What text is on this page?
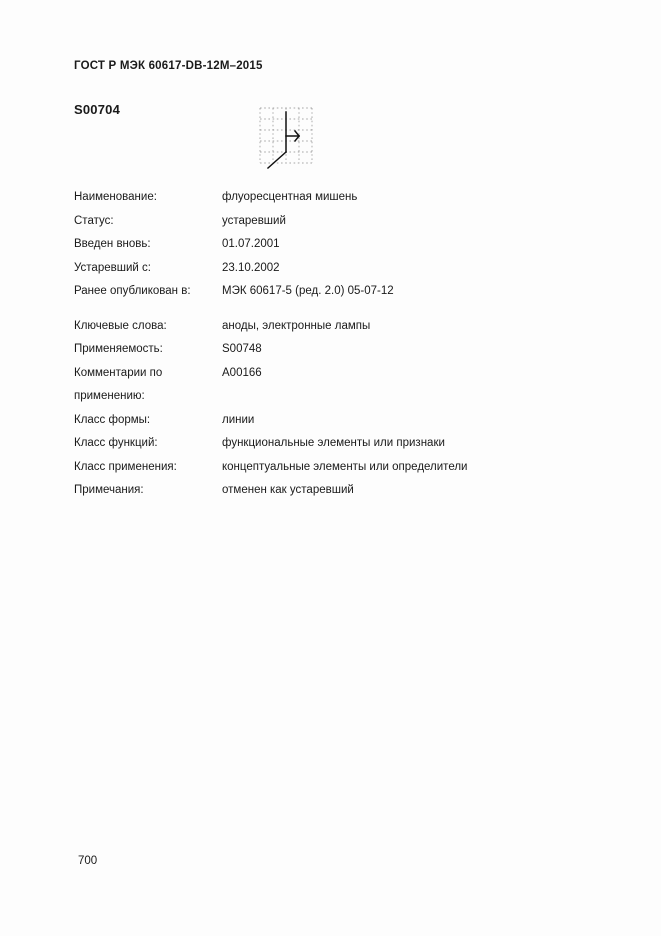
ГОСТ Р МЭК 60617-DB-12M–2015
S00704
Наименование:	флуоресцентная мишень
Статус:	устаревший
Введен вновь:	01.07.2001
Устаревший с:	23.10.2002
Ранее опубликован в:	МЭК 60617-5 (ред. 2.0) 05-07-12
Ключевые слова:	аноды, электронные лампы
Применяемость:	S00748
Комментарии по	A00166
применению:
Класс формы:	линии
Класс функций:	функциональные элементы или признаки
Класс применения:	концептуальные элементы или определители
Примечания:	отменен как устаревший
700
